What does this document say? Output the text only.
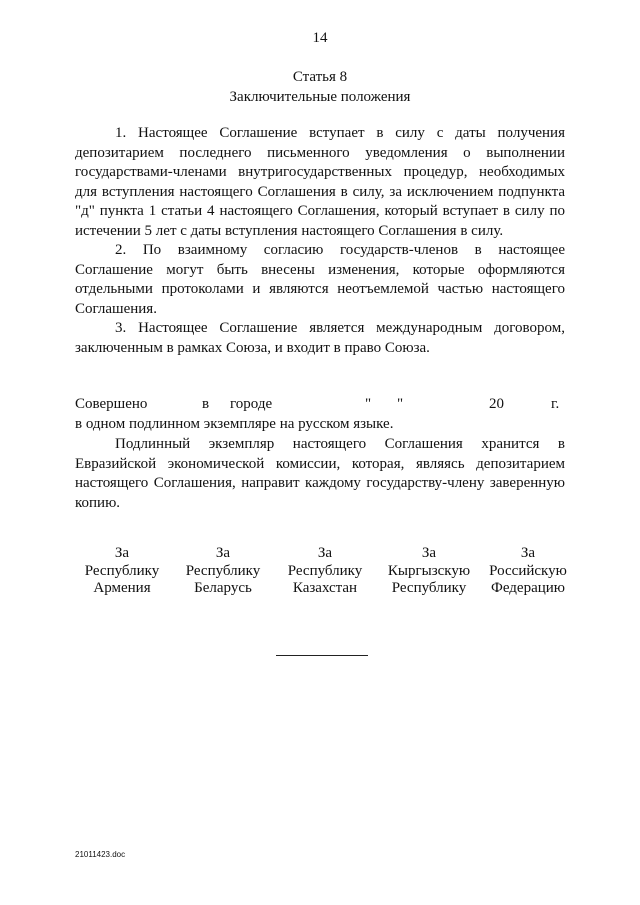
14
Статья 8
Заключительные положения

1. Настоящее Соглашение вступает в силу с даты получения депозитарием последнего письменного уведомления о выполнении государствами-членами внутригосударственных процедур, необходимых для вступления настоящего Соглашения в силу, за исключением подпункта "д" пункта 1 статьи 4 настоящего Соглашения, который вступает в силу по истечении 5 лет с даты вступления настоящего Соглашения в силу.

2. По взаимному согласию государств-членов в настоящее Соглашение могут быть внесены изменения, которые оформляются отдельными протоколами и являются неотъемлемой частью настоящего Соглашения.

3. Настоящее Соглашение является международным договором, заключенным в рамках Союза, и входит в право Союза.

Совершено	в городе	" "	20	г.
в одном подлинном экземпляре на русском языке.

Подлинный экземпляр настоящего Соглашения хранится в Евразийской экономической комиссии, которая, являясь депозитарием настоящего Соглашения, направит каждому государству-члену заверенную копию.

За
Республику
Армения
За
Республику
Беларусь
За
Республику
Казахстан
За
Кыргызскую
Республику
За
Российскую
Федерацию
21011423.doc
